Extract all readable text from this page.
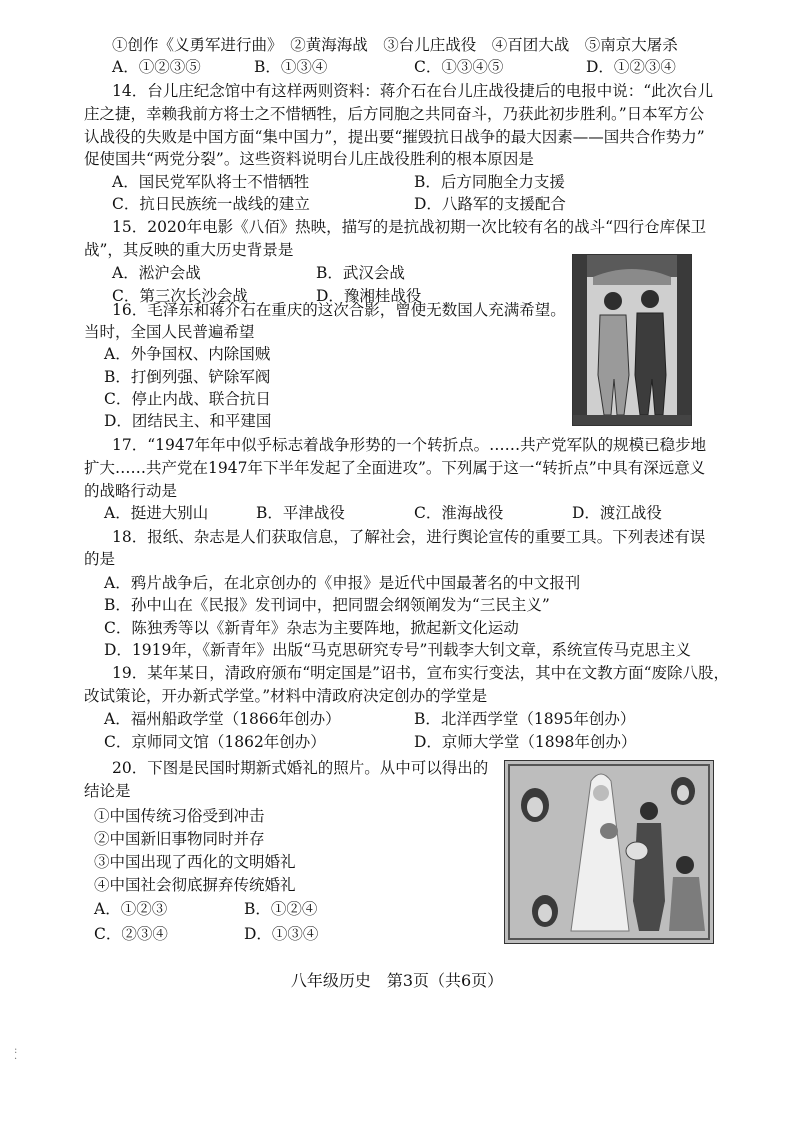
①创作《义勇军进行曲》　②黄海海战　③台儿庄战役　④百团大战　⑤南京大屠杀
A．①②③⑤	B．①③④	C．①③④⑤	D．①②③④
14．台儿庄纪念馆中有这样两则资料：蒋介石在台儿庄战役捷后的电报中说：“此次台儿
庄之捷，幸赖我前方将士之不惜牺牲，后方同胞之共同奋斗，乃获此初步胜利。”日本军方公
认战役的失败是中国方面“集中国力”，提出要“摧毁抗日战争的最大因素——国共合作势力”
促使国共“两党分裂”。这些资料说明台儿庄战役胜利的根本原因是
A．国民党军队将士不惜牺牲	B．后方同胞全力支援
C．抗日民族统一战线的建立	D．八路军的支援配合
15．2020年电影《八佰》热映，描写的是抗战初期一次比较有名的战斗“四行仓库保卫
战”，其反映的重大历史背景是
A．淞沪会战	B．武汉会战
C．第三次长沙会战	D．豫湘桂战役
16．毛泽东和蒋介石在重庆的这次合影，曾使无数国人充满希望。
当时，全国人民普遍希望
A．外争国权、内除国贼
B．打倒列强、铲除军阀
C．停止内战、联合抗日
D．团结民主、和平建国
17．“1947年年中似乎标志着战争形势的一个转折点。……共产党军队的规模已稳步地
扩大……共产党在1947年下半年发起了全面进攻”。下列属于这一“转折点”中具有深远意义
的战略行动是
A．挺进大别山	B．平津战役	C．淮海战役	D．渡江战役
18．报纸、杂志是人们获取信息，了解社会，进行舆论宣传的重要工具。下列表述有误
的是
A．鸦片战争后，在北京创办的《申报》是近代中国最著名的中文报刊
B．孙中山在《民报》发刊词中，把同盟会纲领阐发为“三民主义”
C．陈独秀等以《新青年》杂志为主要阵地，掀起新文化运动
D．1919年，《新青年》出版“马克思研究专号”刊载李大钊文章，系统宣传马克思主义
19．某年某日，清政府颁布“明定国是”诏书，宣布实行变法，其中在文教方面“废除八股，
改试策论，开办新式学堂。”材料中清政府决定创办的学堂是
A．福州船政学堂（1866年创办）	B．北洋西学堂（1895年创办）
C．京师同文馆（1862年创办）	D．京师大学堂（1898年创办）
20．下图是民国时期新式婚礼的照片。从中可以得出的
结论是
①中国传统习俗受到冲击
②中国新旧事物同时并存
③中国出现了西化的文明婚礼
④中国社会彻底摒弃传统婚礼
A．①②③	B．①②④
C．②③④	D．①③④
八年级历史　第3页（共6页）
:
·
